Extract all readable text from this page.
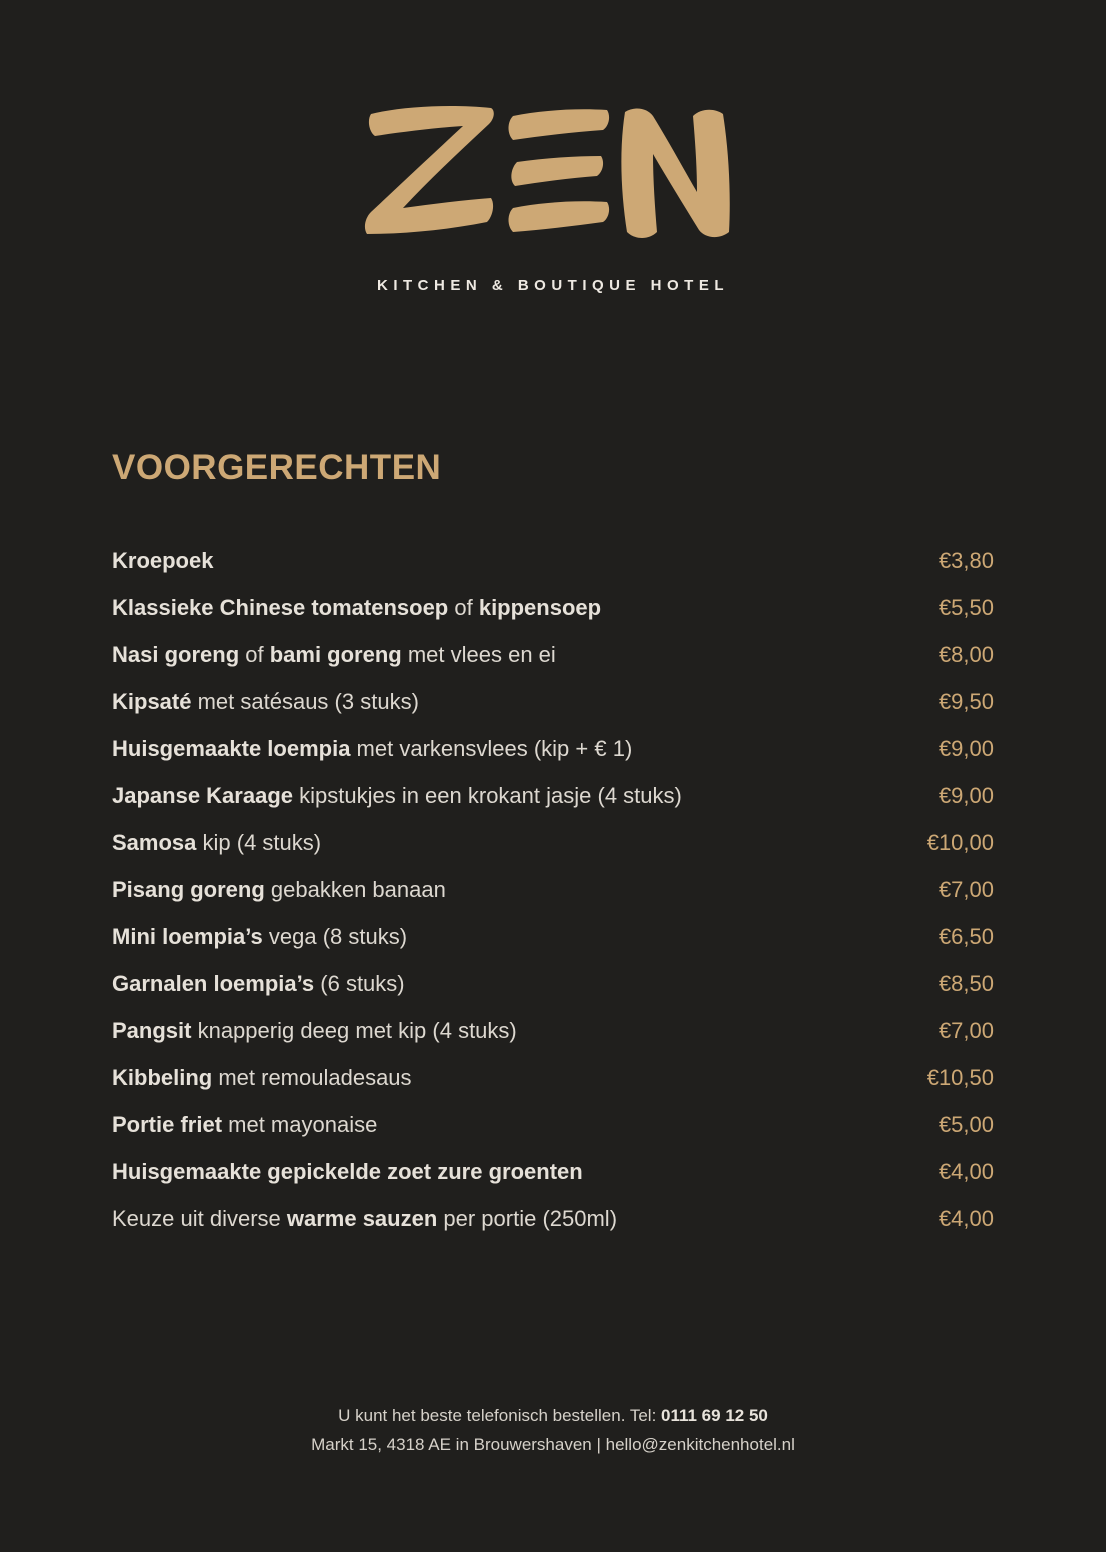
KITCHEN & BOUTIQUE HOTEL
VOORGERECHTEN
Kroepoek	€3,80
Klassieke Chinese tomatensoep of kippensoep	€5,50
Nasi goreng of bami goreng met vlees en ei	€8,00
Kipsaté met satésaus (3 stuks)	€9,50
Huisgemaakte loempia met varkensvlees (kip + € 1)	€9,00
Japanse Karaage kipstukjes in een krokant jasje (4 stuks)	€9,00
Samosa kip (4 stuks)	€10,00
Pisang goreng gebakken banaan	€7,00
Mini loempia’s vega (8 stuks)	€6,50
Garnalen loempia’s (6 stuks)	€8,50
Pangsit knapperig deeg met kip (4 stuks)	€7,00
Kibbeling met remouladesaus	€10,50
Portie friet met mayonaise	€5,00
Huisgemaakte gepickelde zoet zure groenten	€4,00
Keuze uit diverse warme sauzen per portie (250ml)	€4,00
U kunt het beste telefonisch bestellen. Tel: 0111 69 12 50
Markt 15, 4318 AE in Brouwershaven | hello@zenkitchenhotel.nl
